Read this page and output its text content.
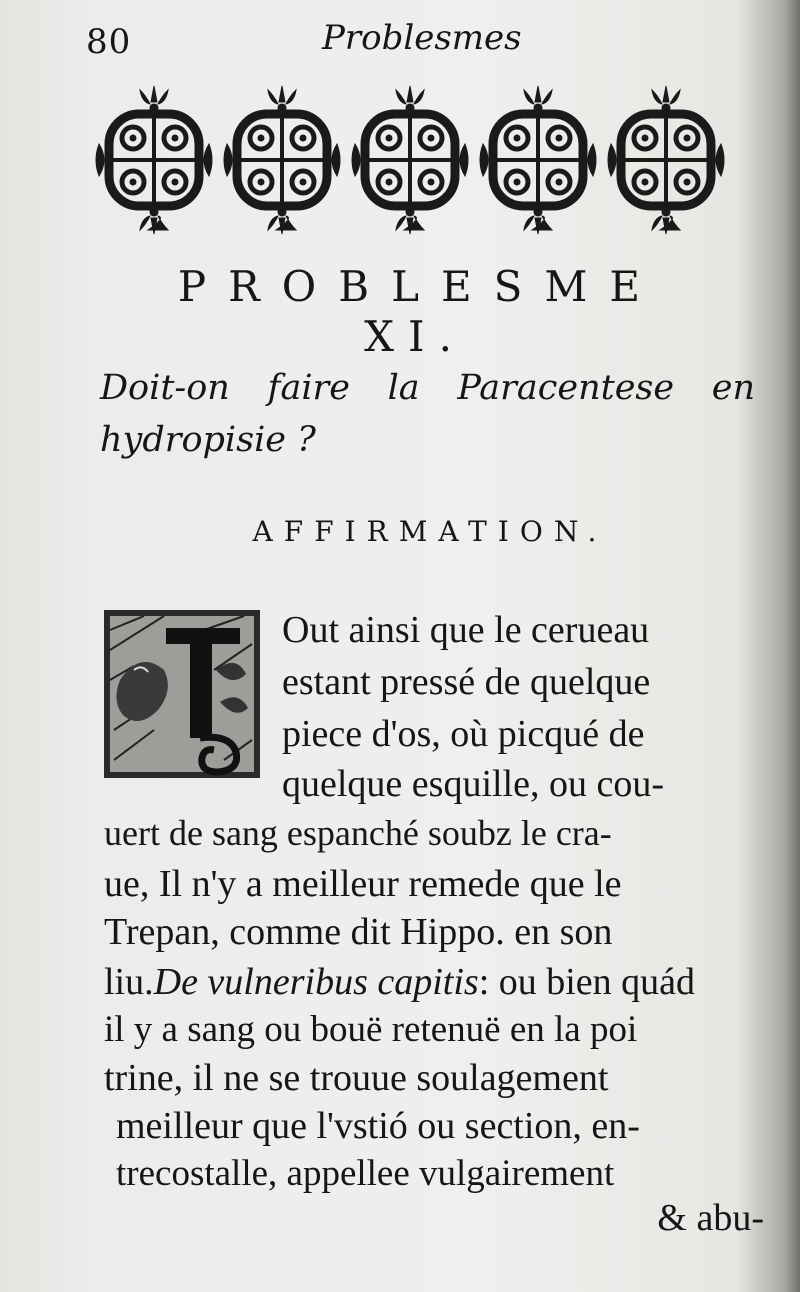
80	Problesmes
PROBLESME
XI.
Doit-on faire la Paracentese en hydropisie ?
AFFIRMATION.
Out ainsi que le cerueau
estant pressé de quelque
piece d'os, où picqué de
quelque esquille, ou cou-
uert de sang espanché soubz le cra-
ue, Il n'y a meilleur remede que le
Trepan, comme dit Hippo. en son
liu.De vulneribus capitis: ou bien quád
il y a sang ou bouë retenuë en la poi
trine, il ne se trouue soulagement
meilleur que l'vstió ou section, en-
trecostalle, appellee vulgairement
& abu-
